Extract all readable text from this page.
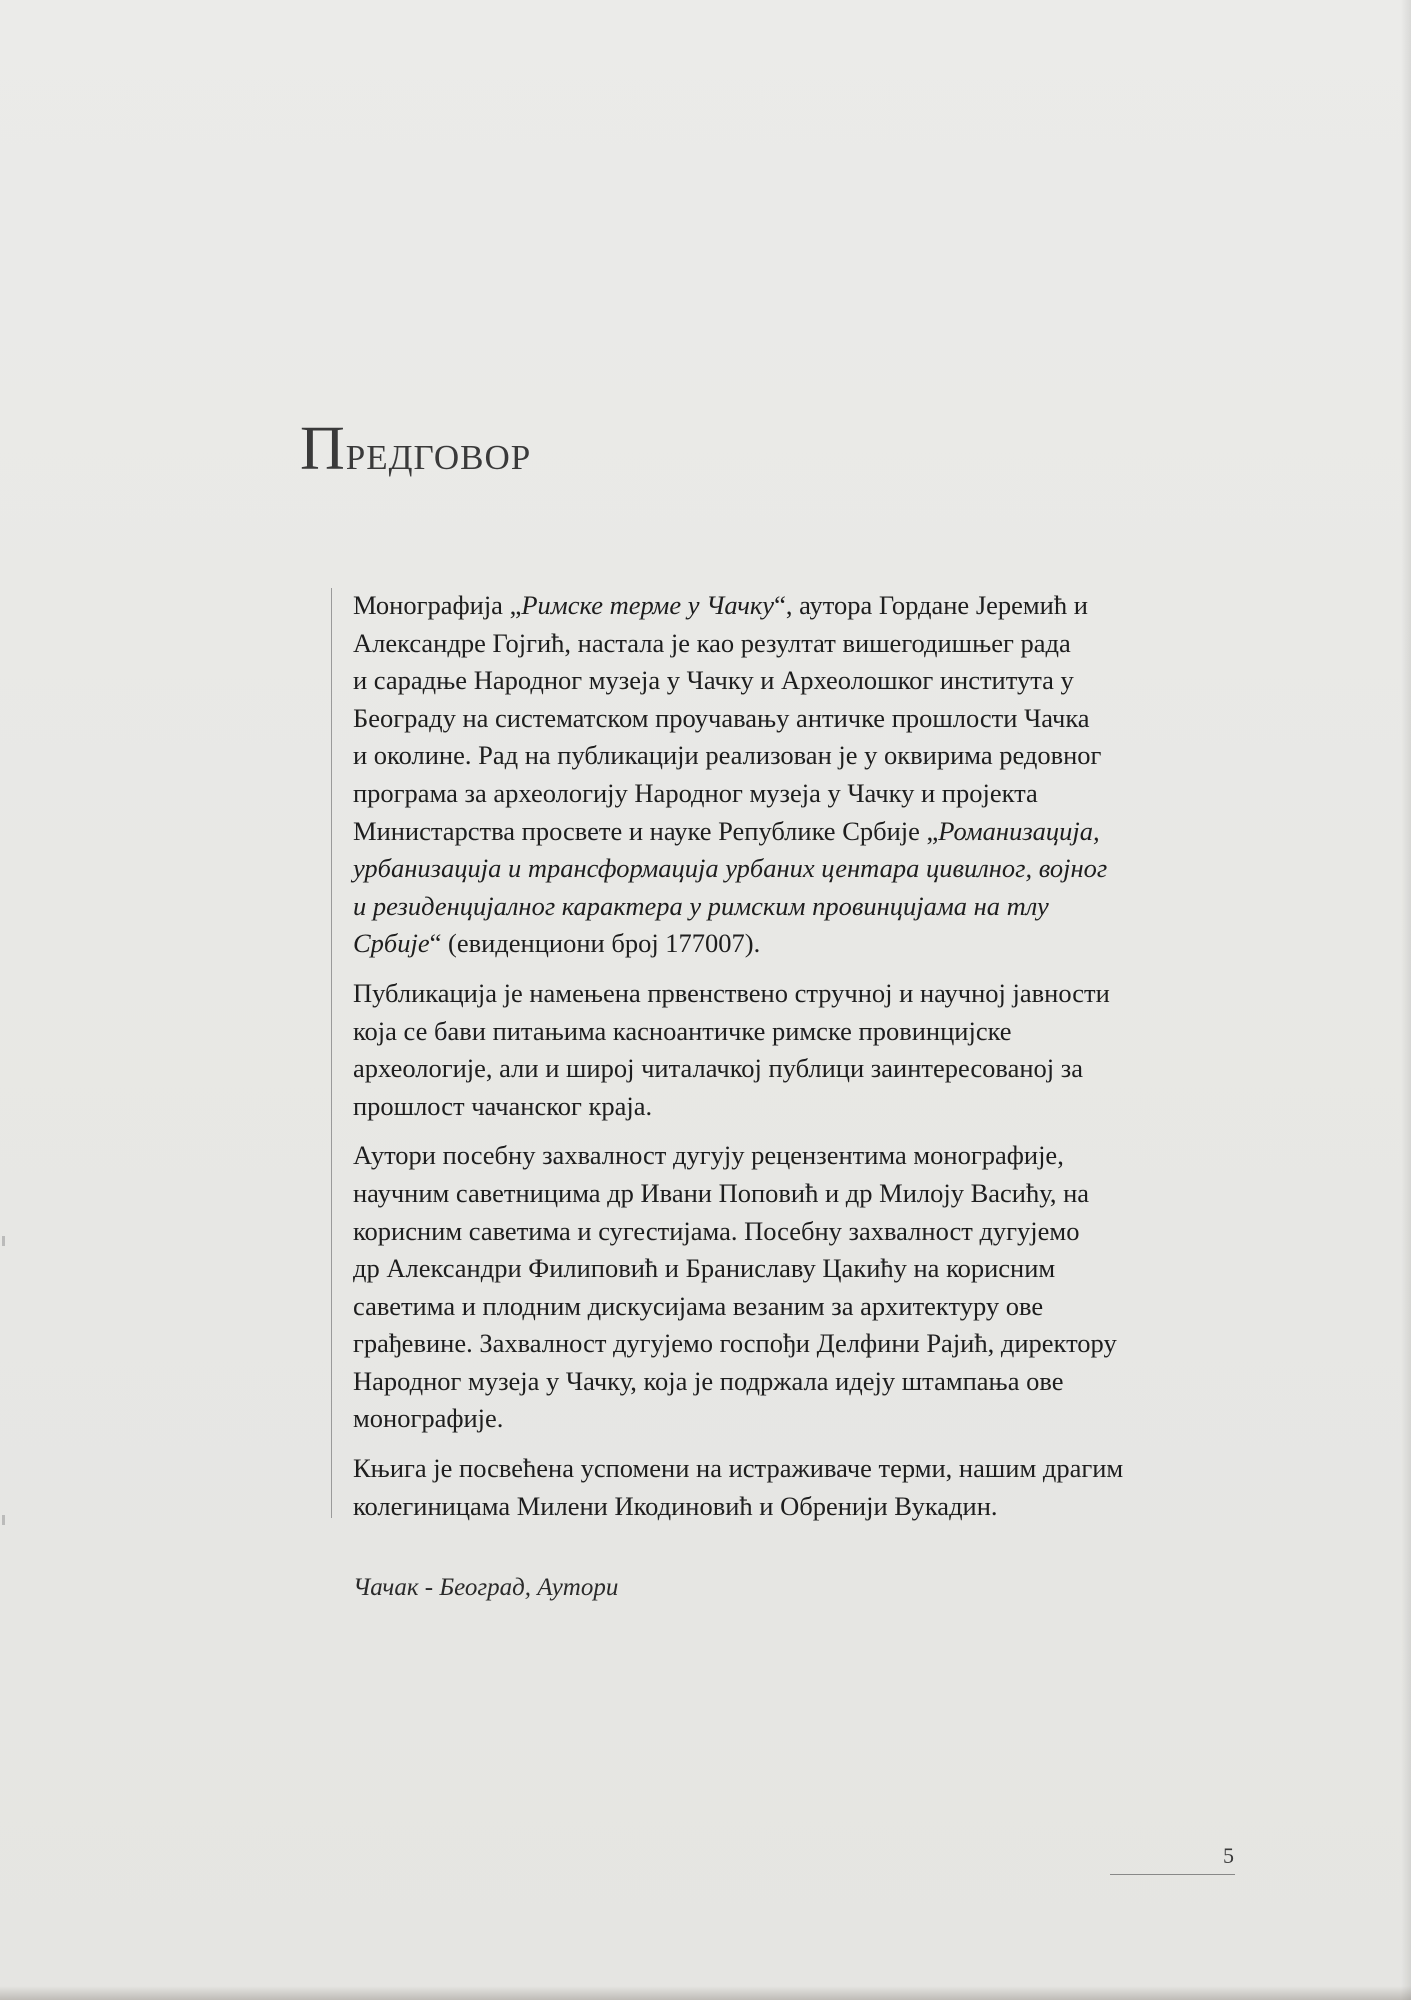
Предговор

Монографија „Римске терме у Чачку“, аутора Гордане Јеремић и
Александре Гојгић, настала је као резултат вишегодишњег рада
и сарадње Народног музеја у Чачку и Археолошког института у
Београду на систематском проучавању античке прошлости Чачка
и околине. Рад на публикацији реализован је у оквирима редовног
програма за археологију Народног музеја у Чачку и пројекта
Министарства просвете и науке Републике Србије „Романизација,
урбанизација и трансформација урбаних центара цивилног, војног
и резиденцијалног карактера у римским провинцијама на тлу
Србије“ (евиденциони број 177007).

Публикација је намењена првенствено стручној и научној јавности
која се бави питањима касноантичке римске провинцијске
археологије, али и широј читалачкој публици заинтересованој за
прошлост чачанског краја.

Аутори посебну захвалност дугују рецензентима монографије,
научним саветницима др Ивани Поповић и др Милоју Васићу, на
корисним саветима и сугестијама. Посебну захвалност дугујемо
др Александри Филиповић и Браниславу Цакићу на корисним
саветима и плодним дискусијама везаним за архитектуру ове
грађевине. Захвалност дугујемо госпођи Делфини Рајић, директору
Народног музеја у Чачку, која је подржала идеју штампања ове
монографије.

Књига је посвећена успомени на истраживаче терми, нашим драгим
колегиницама Милени Икодиновић и Обренији Вукадин.

Чачак - Београд, Аутори

5
